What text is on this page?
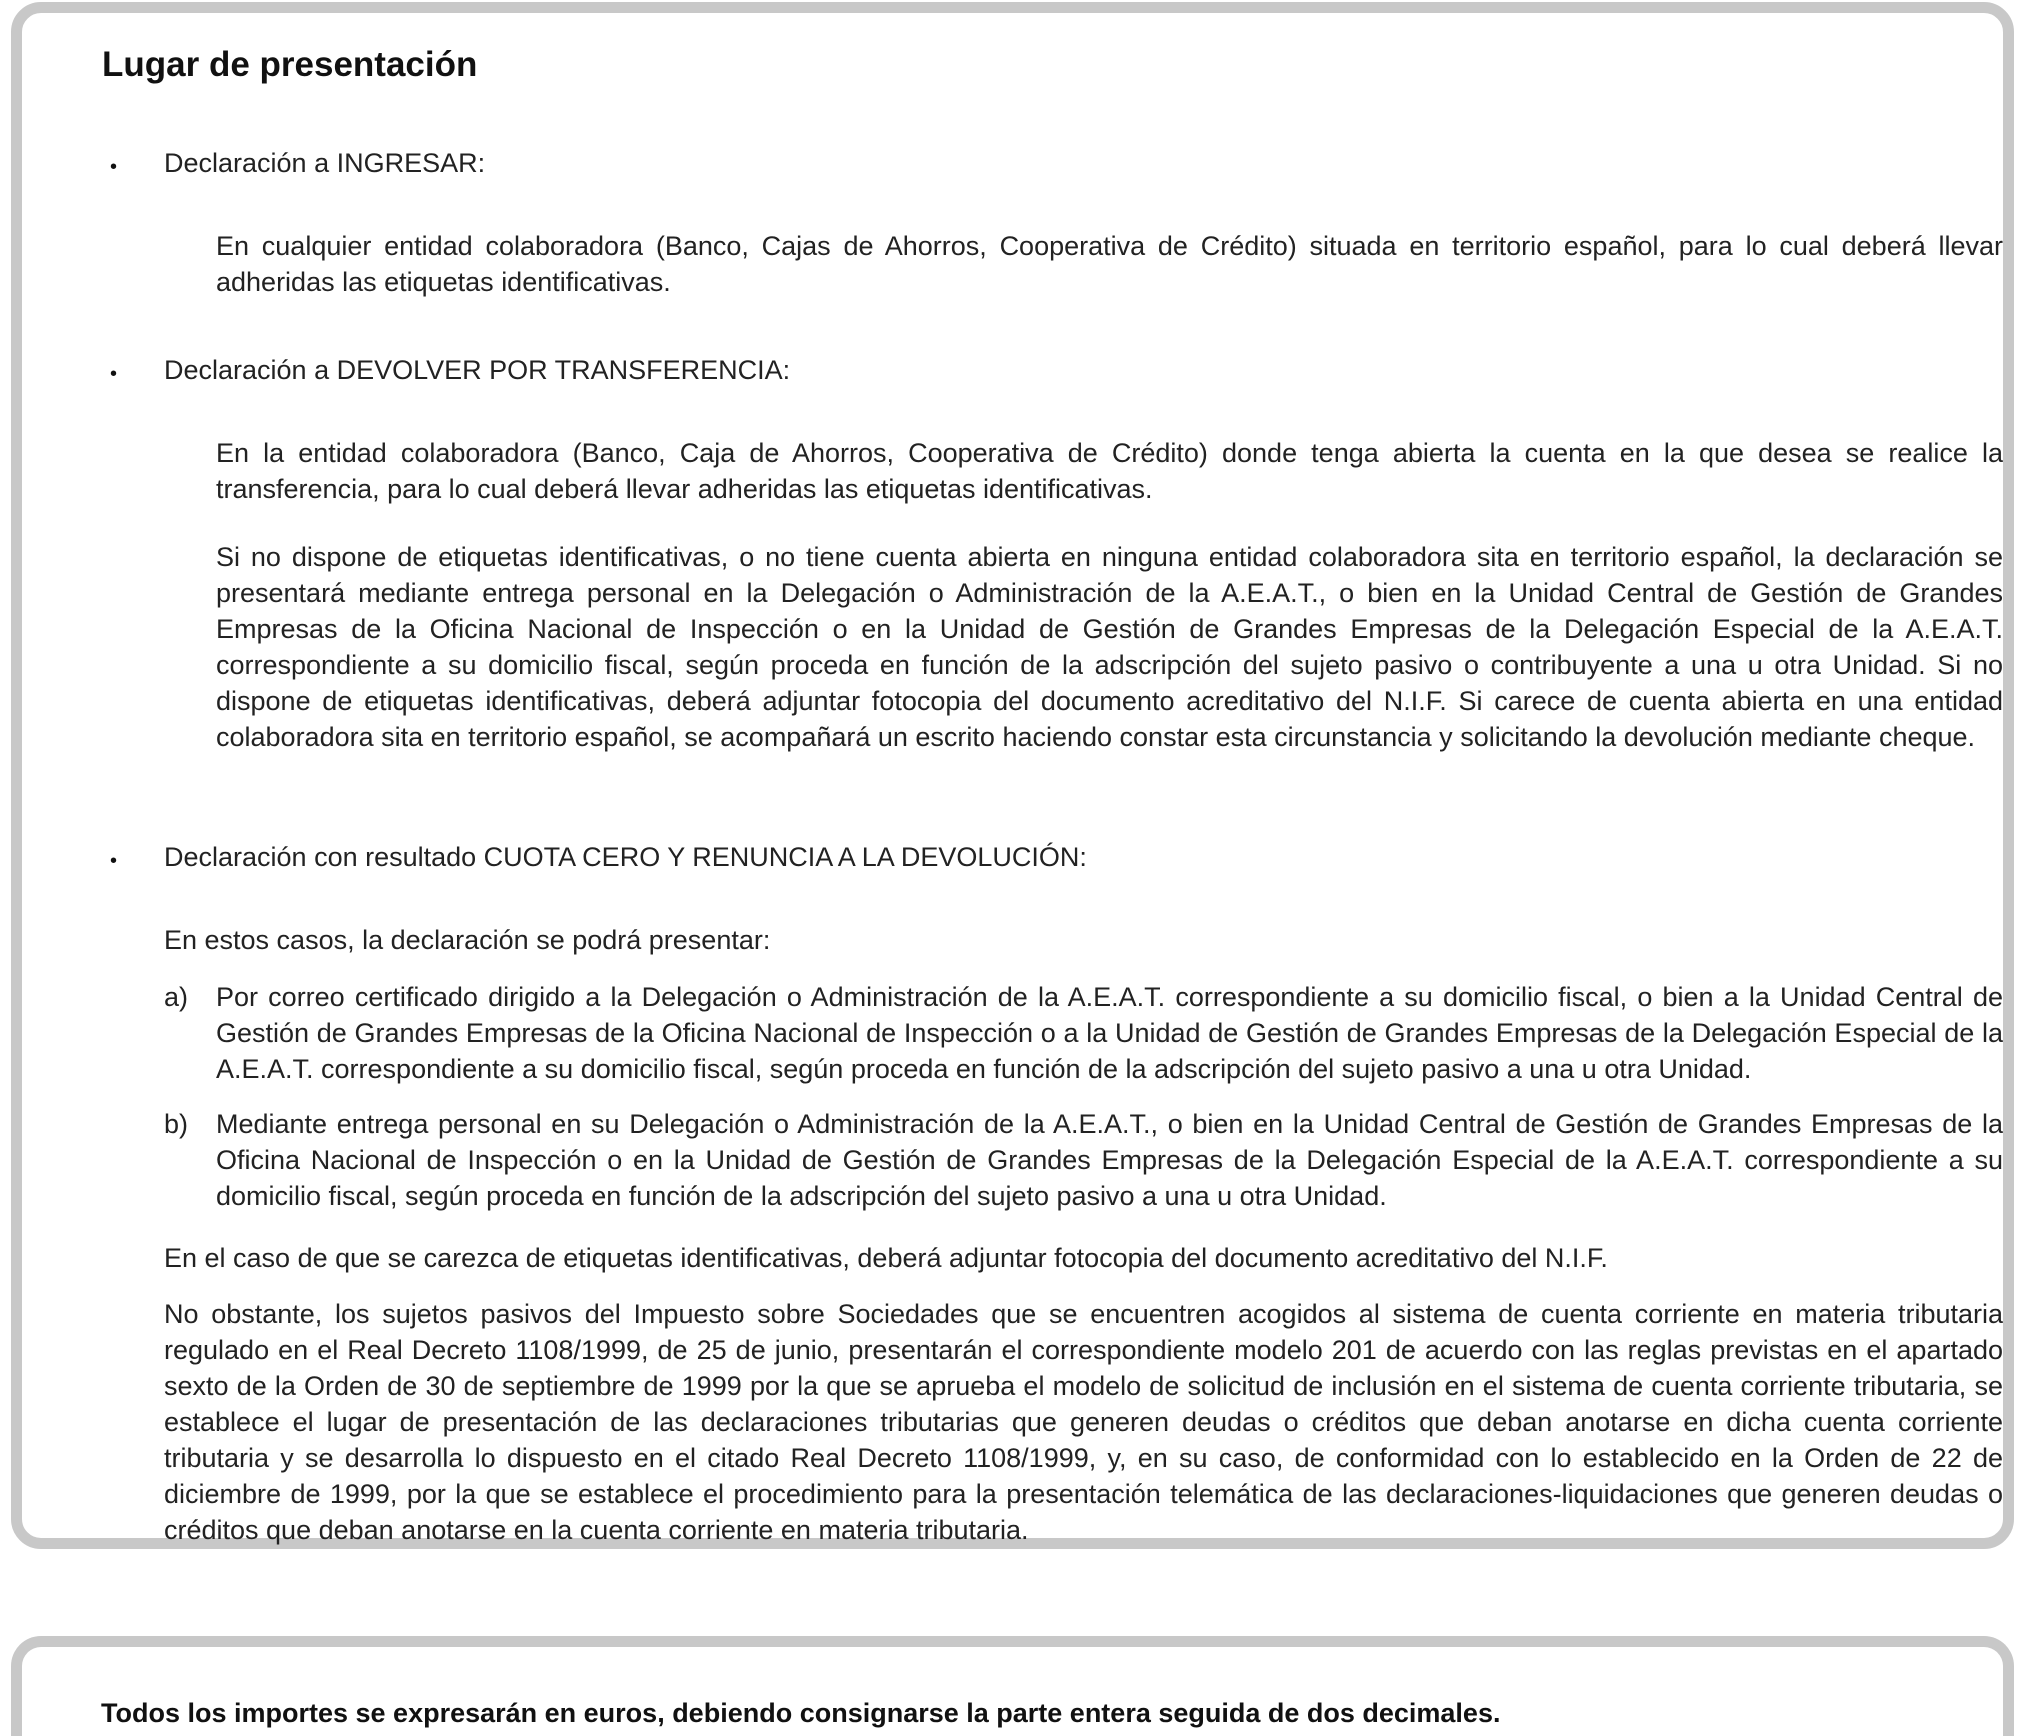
Lugar de presentación
• Declaración a INGRESAR:

En cualquier entidad colaboradora (Banco, Cajas de Ahorros, Cooperativa de Crédito) situada en territorio español, para lo cual deberá llevar adheridas las etiquetas identificativas.

• Declaración a DEVOLVER POR TRANSFERENCIA:

En la entidad colaboradora (Banco, Caja de Ahorros, Cooperativa de Crédito) donde tenga abierta la cuenta en la que desea se realice la transferencia, para lo cual deberá llevar adheridas las etiquetas identificativas.

Si no dispone de etiquetas identificativas, o no tiene cuenta abierta en ninguna entidad colaboradora sita en territorio español, la declaración se presentará mediante entrega personal en la Delegación o Administración de la A.E.A.T., o bien en la Unidad Central de Gestión de Grandes Empresas de la Oficina Nacional de Inspección o en la Unidad de Gestión de Grandes Empresas de la Delegación Especial de la A.E.A.T. correspondiente a su domicilio fiscal, según proceda en función de la adscripción del sujeto pasivo o contribuyente a una u otra Unidad. Si no dispone de etiquetas identificativas, deberá adjuntar fotocopia del documento acreditativo del N.I.F. Si carece de cuenta abierta en una entidad colaboradora sita en territorio español, se acompañará un escrito haciendo constar esta circunstancia y solicitando la devolución mediante cheque.

• Declaración con resultado CUOTA CERO Y RENUNCIA A LA DEVOLUCIÓN:

En estos casos, la declaración se podrá presentar:

a) Por correo certificado dirigido a la Delegación o Administración de la A.E.A.T. correspondiente a su domicilio fiscal, o bien a la Unidad Central de Gestión de Grandes Empresas de la Oficina Nacional de Inspección o a la Unidad de Gestión de Grandes Empresas de la Delegación Especial de la A.E.A.T. correspondiente a su domicilio fiscal, según proceda en función de la adscripción del sujeto pasivo a una u otra Unidad.

b) Mediante entrega personal en su Delegación o Administración de la A.E.A.T., o bien en la Unidad Central de Gestión de Grandes Empresas de la Oficina Nacional de Inspección o en la Unidad de Gestión de Grandes Empresas de la Delegación Especial de la A.E.A.T. correspondiente a su domicilio fiscal, según proceda en función de la adscripción del sujeto pasivo a una u otra Unidad.

En el caso de que se carezca de etiquetas identificativas, deberá adjuntar fotocopia del documento acreditativo del N.I.F.

No obstante, los sujetos pasivos del Impuesto sobre Sociedades que se encuentren acogidos al sistema de cuenta corriente en materia tributaria regulado en el Real Decreto 1108/1999, de 25 de junio, presentarán el correspondiente modelo 201 de acuerdo con las reglas previstas en el apartado sexto de la Orden de 30 de septiembre de 1999 por la que se aprueba el modelo de solicitud de inclusión en el sistema de cuenta corriente tributaria, se establece el lugar de presentación de las declaraciones tributarias que generen deudas o créditos que deban anotarse en dicha cuenta corriente tributaria y se desarrolla lo dispuesto en el citado Real Decreto 1108/1999, y, en su caso, de conformidad con lo establecido en la Orden de 22 de diciembre de 1999, por la que se establece el procedimiento para la presentación telemática de las declaraciones-liquidaciones que generen deudas o créditos que deban anotarse en la cuenta corriente en materia tributaria.

Todos los importes se expresarán en euros, debiendo consignarse la parte entera seguida de dos decimales.
